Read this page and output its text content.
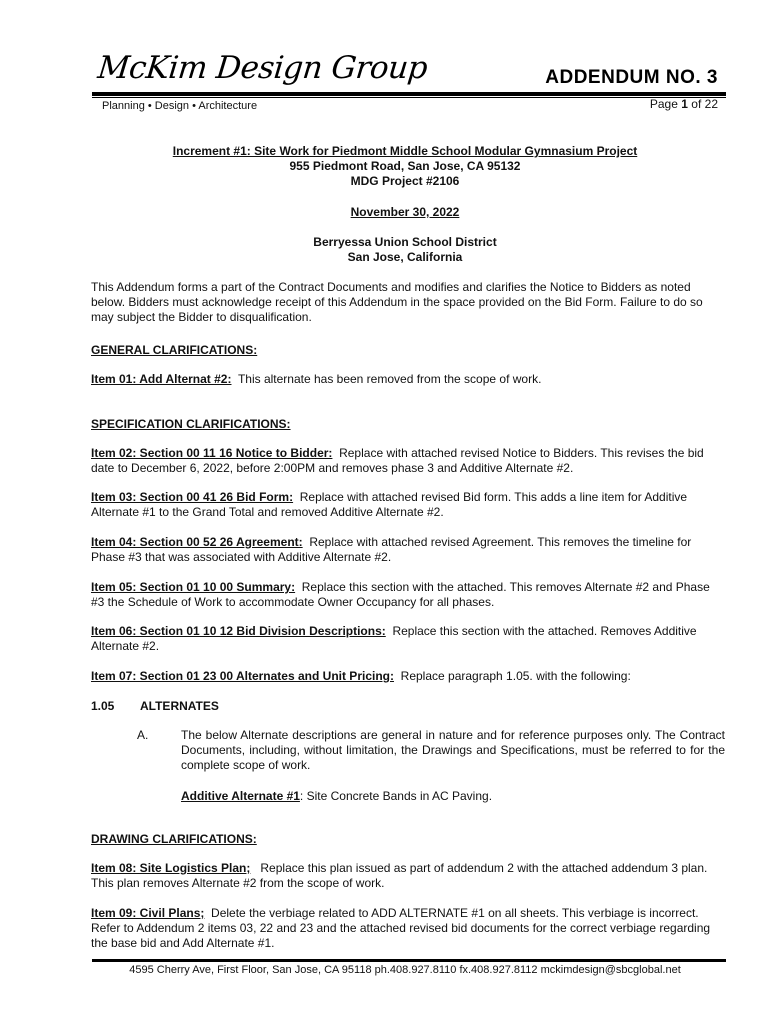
McKim Design Group	ADDENDUM NO. 3
Planning • Design • Architecture	Page 1 of 22
Increment #1: Site Work for Piedmont Middle School Modular Gymnasium Project
955 Piedmont Road, San Jose, CA 95132
MDG Project #2106
November 30, 2022
Berryessa Union School District
San Jose, California
This Addendum forms a part of the Contract Documents and modifies and clarifies the Notice to Bidders as noted below. Bidders must acknowledge receipt of this Addendum in the space provided on the Bid Form. Failure to do so may subject the Bidder to disqualification.
GENERAL CLARIFICATIONS:
Item 01: Add Alternat #2: This alternate has been removed from the scope of work.
SPECIFICATION CLARIFICATIONS:
Item 02: Section 00 11 16 Notice to Bidder: Replace with attached revised Notice to Bidders. This revises the bid date to December 6, 2022, before 2:00PM and removes phase 3 and Additive Alternate #2.
Item 03: Section 00 41 26 Bid Form: Replace with attached revised Bid form. This adds a line item for Additive Alternate #1 to the Grand Total and removed Additive Alternate #2.
Item 04: Section 00 52 26 Agreement: Replace with attached revised Agreement. This removes the timeline for Phase #3 that was associated with Additive Alternate #2.
Item 05: Section 01 10 00 Summary: Replace this section with the attached. This removes Alternate #2 and Phase #3 the Schedule of Work to accommodate Owner Occupancy for all phases.
Item 06: Section 01 10 12 Bid Division Descriptions: Replace this section with the attached. Removes Additive Alternate #2.
Item 07: Section 01 23 00 Alternates and Unit Pricing: Replace paragraph 1.05. with the following:
1.05 ALTERNATES
A.	The below Alternate descriptions are general in nature and for reference purposes only. The Contract Documents, including, without limitation, the Drawings and Specifications, must be referred to for the complete scope of work.
Additive Alternate #1: Site Concrete Bands in AC Paving.
DRAWING CLARIFICATIONS:
Item 08: Site Logistics Plan; Replace this plan issued as part of addendum 2 with the attached addendum 3 plan. This plan removes Alternate #2 from the scope of work.
Item 09: Civil Plans; Delete the verbiage related to ADD ALTERNATE #1 on all sheets. This verbiage is incorrect. Refer to Addendum 2 items 03, 22 and 23 and the attached revised bid documents for the correct verbiage regarding the base bid and Add Alternate #1.
4595 Cherry Ave, First Floor, San Jose, CA 95118 ph.408.927.8110 fx.408.927.8112 mckimdesign@sbcglobal.net
